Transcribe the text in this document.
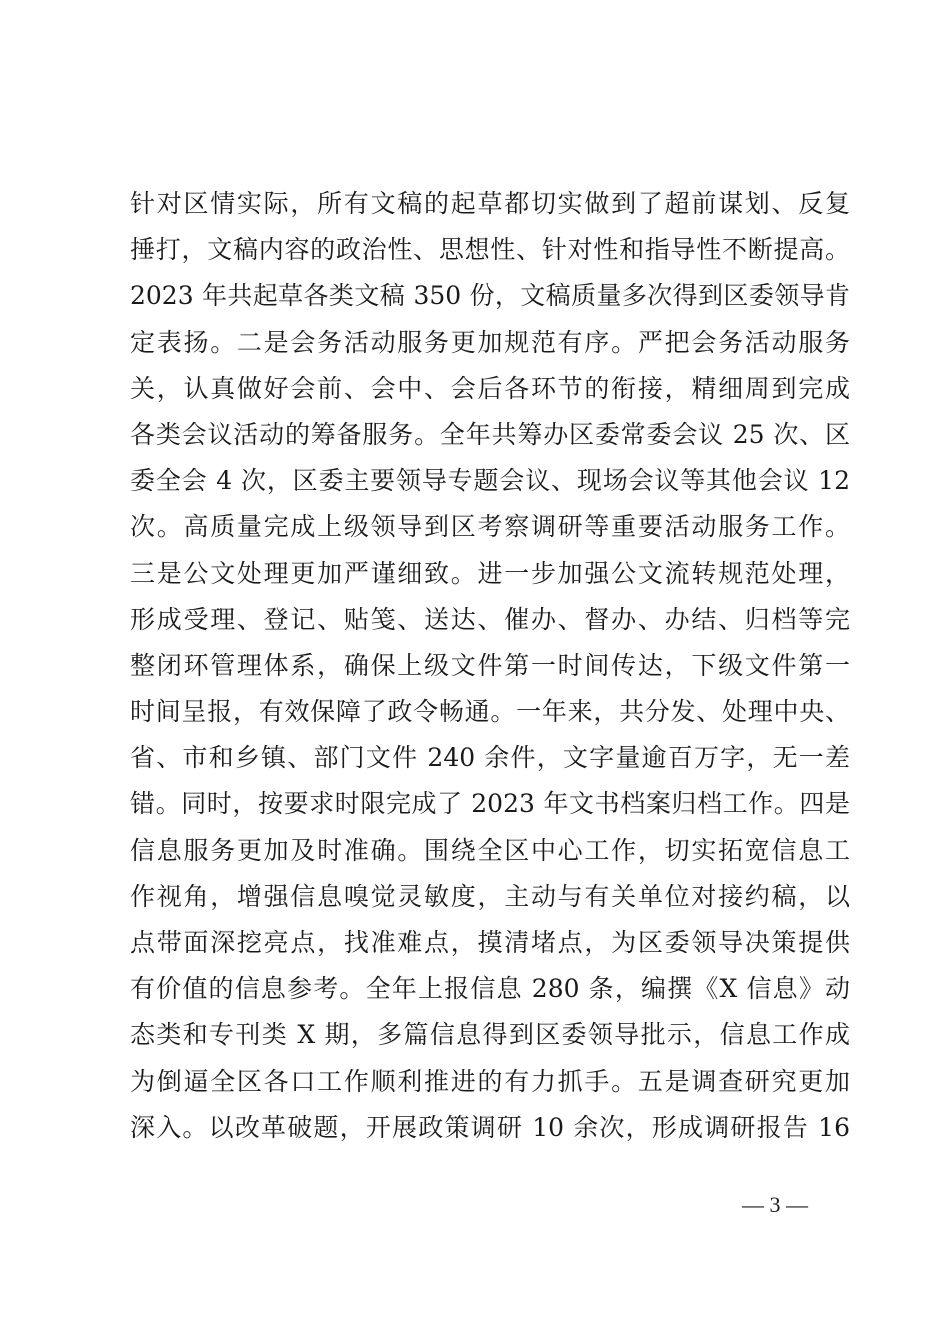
针对区情实际，所有文稿的起草都切实做到了超前谋划、反复
捶打，文稿内容的政治性、思想性、针对性和指导性不断提高。
2023 年共起草各类文稿 350 份，文稿质量多次得到区委领导肯
定表扬。二是会务活动服务更加规范有序。严把会务活动服务
关，认真做好会前、会中、会后各环节的衔接，精细周到完成
各类会议活动的筹备服务。全年共筹办区委常委会议 25 次、区
委全会 4 次，区委主要领导专题会议、现场会议等其他会议 12
次。高质量完成上级领导到区考察调研等重要活动服务工作。
三是公文处理更加严谨细致。进一步加强公文流转规范处理，
形成受理、登记、贴笺、送达、催办、督办、办结、归档等完
整闭环管理体系，确保上级文件第一时间传达，下级文件第一
时间呈报，有效保障了政令畅通。一年来，共分发、处理中央、
省、市和乡镇、部门文件 240 余件，文字量逾百万字，无一差
错。同时，按要求时限完成了 2023 年文书档案归档工作。四是
信息服务更加及时准确。围绕全区中心工作，切实拓宽信息工
作视角，增强信息嗅觉灵敏度，主动与有关单位对接约稿，以
点带面深挖亮点，找准难点，摸清堵点，为区委领导决策提供
有价值的信息参考。全年上报信息 280 条，编撰《X 信息》动
态类和专刊类 X 期，多篇信息得到区委领导批示，信息工作成
为倒逼全区各口工作顺利推进的有力抓手。五是调查研究更加
深入。以改革破题，开展政策调研 10 余次，形成调研报告 16
— 3 —
